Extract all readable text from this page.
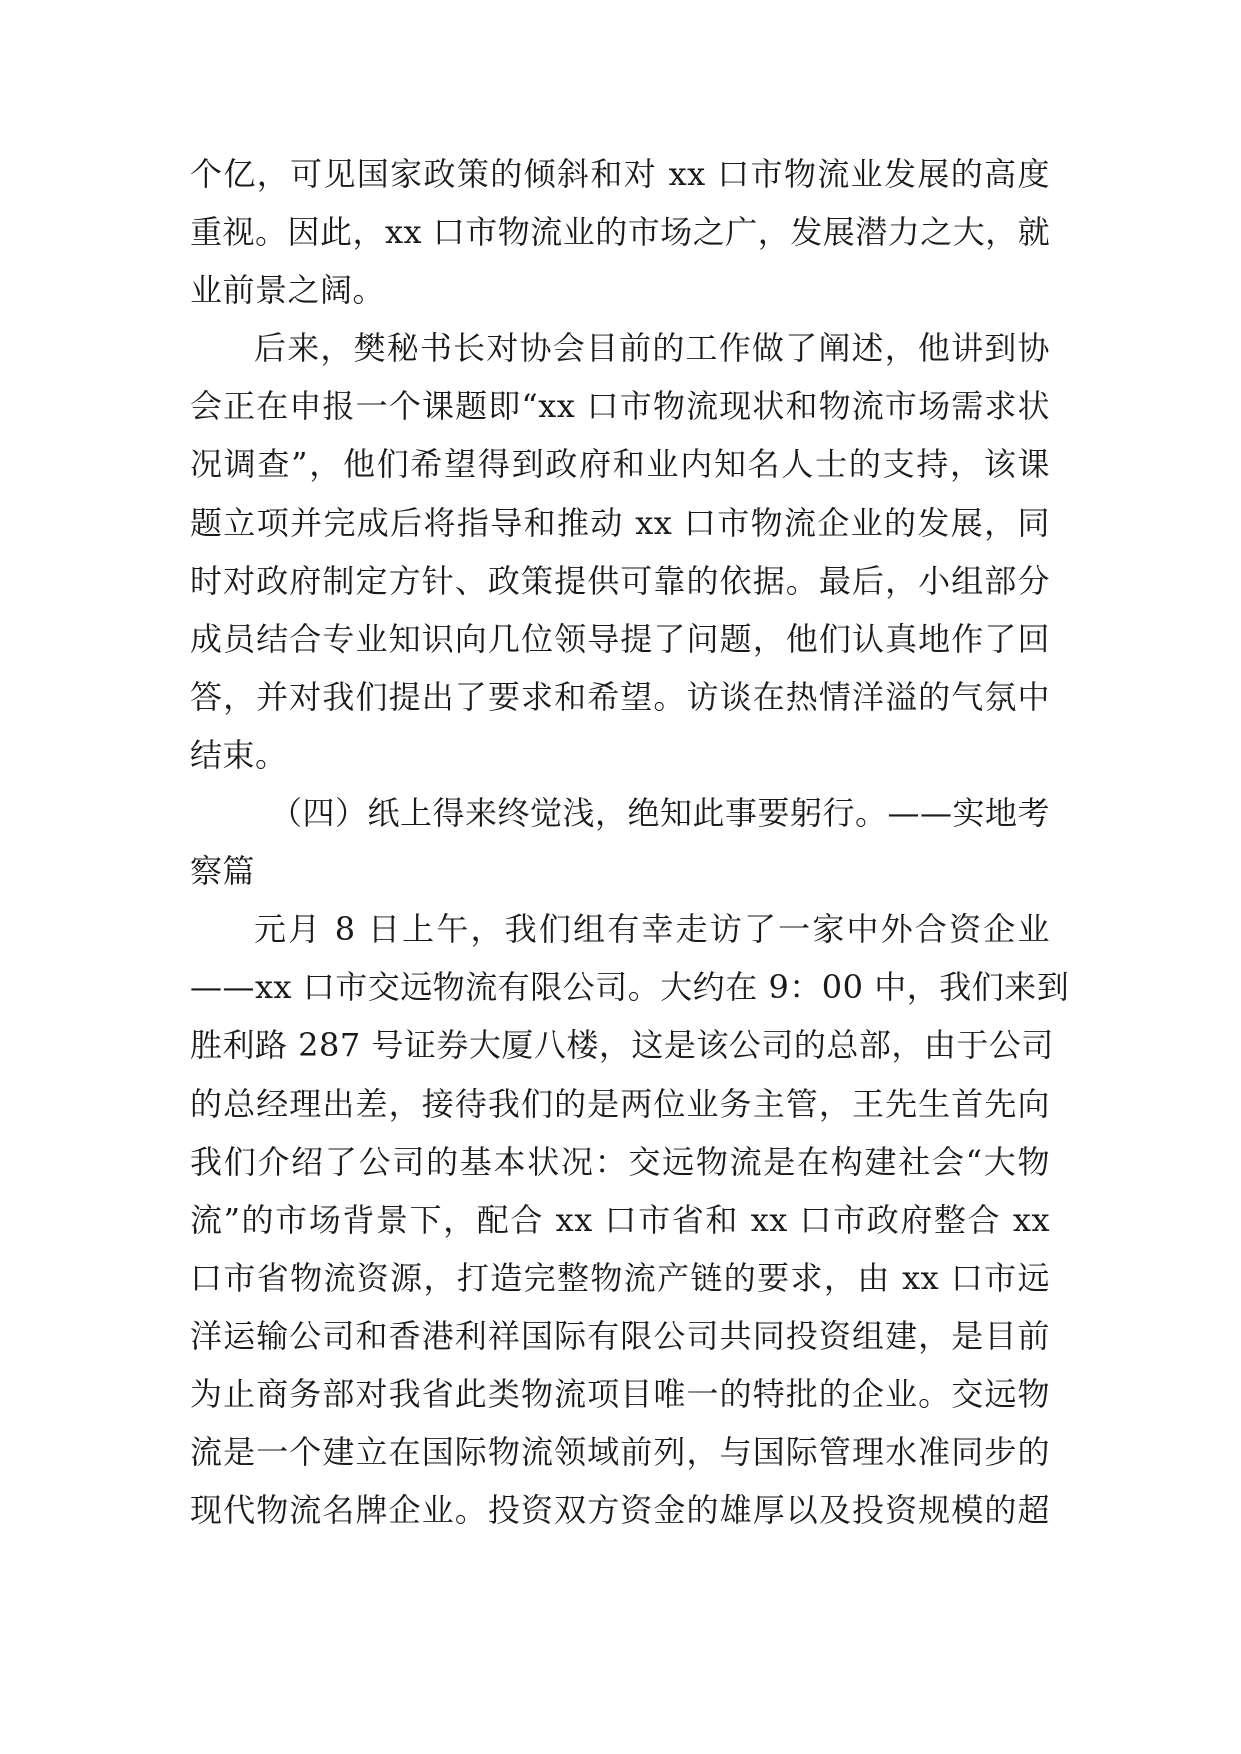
个亿，可见国家政策的倾斜和对 xx 口市物流业发展的高度
重视。因此，xx 口市物流业的市场之广，发展潜力之大，就
业前景之阔。
后来，樊秘书长对协会目前的工作做了阐述，他讲到协
会正在申报一个课题即“xx 口市物流现状和物流市场需求状
况调查”，他们希望得到政府和业内知名人士的支持，该课
题立项并完成后将指导和推动 xx 口市物流企业的发展，同
时对政府制定方针、政策提供可靠的依据。最后，小组部分
成员结合专业知识向几位领导提了问题，他们认真地作了回
答，并对我们提出了要求和希望。访谈在热情洋溢的气氛中
结束。
（四）纸上得来终觉浅，绝知此事要躬行。——实地考
察篇
元月 8 日上午，我们组有幸走访了一家中外合资企业
——xx 口市交远物流有限公司。大约在 9：00 中，我们来到
胜利路 287 号证券大厦八楼，这是该公司的总部，由于公司
的总经理出差，接待我们的是两位业务主管，王先生首先向
我们介绍了公司的基本状况：交远物流是在构建社会“大物
流”的市场背景下，配合 xx 口市省和 xx 口市政府整合 xx
口市省物流资源，打造完整物流产链的要求，由 xx 口市远
洋运输公司和香港利祥国际有限公司共同投资组建，是目前
为止商务部对我省此类物流项目唯一的特批的企业。交远物
流是一个建立在国际物流领域前列，与国际管理水准同步的
现代物流名牌企业。投资双方资金的雄厚以及投资规模的超
